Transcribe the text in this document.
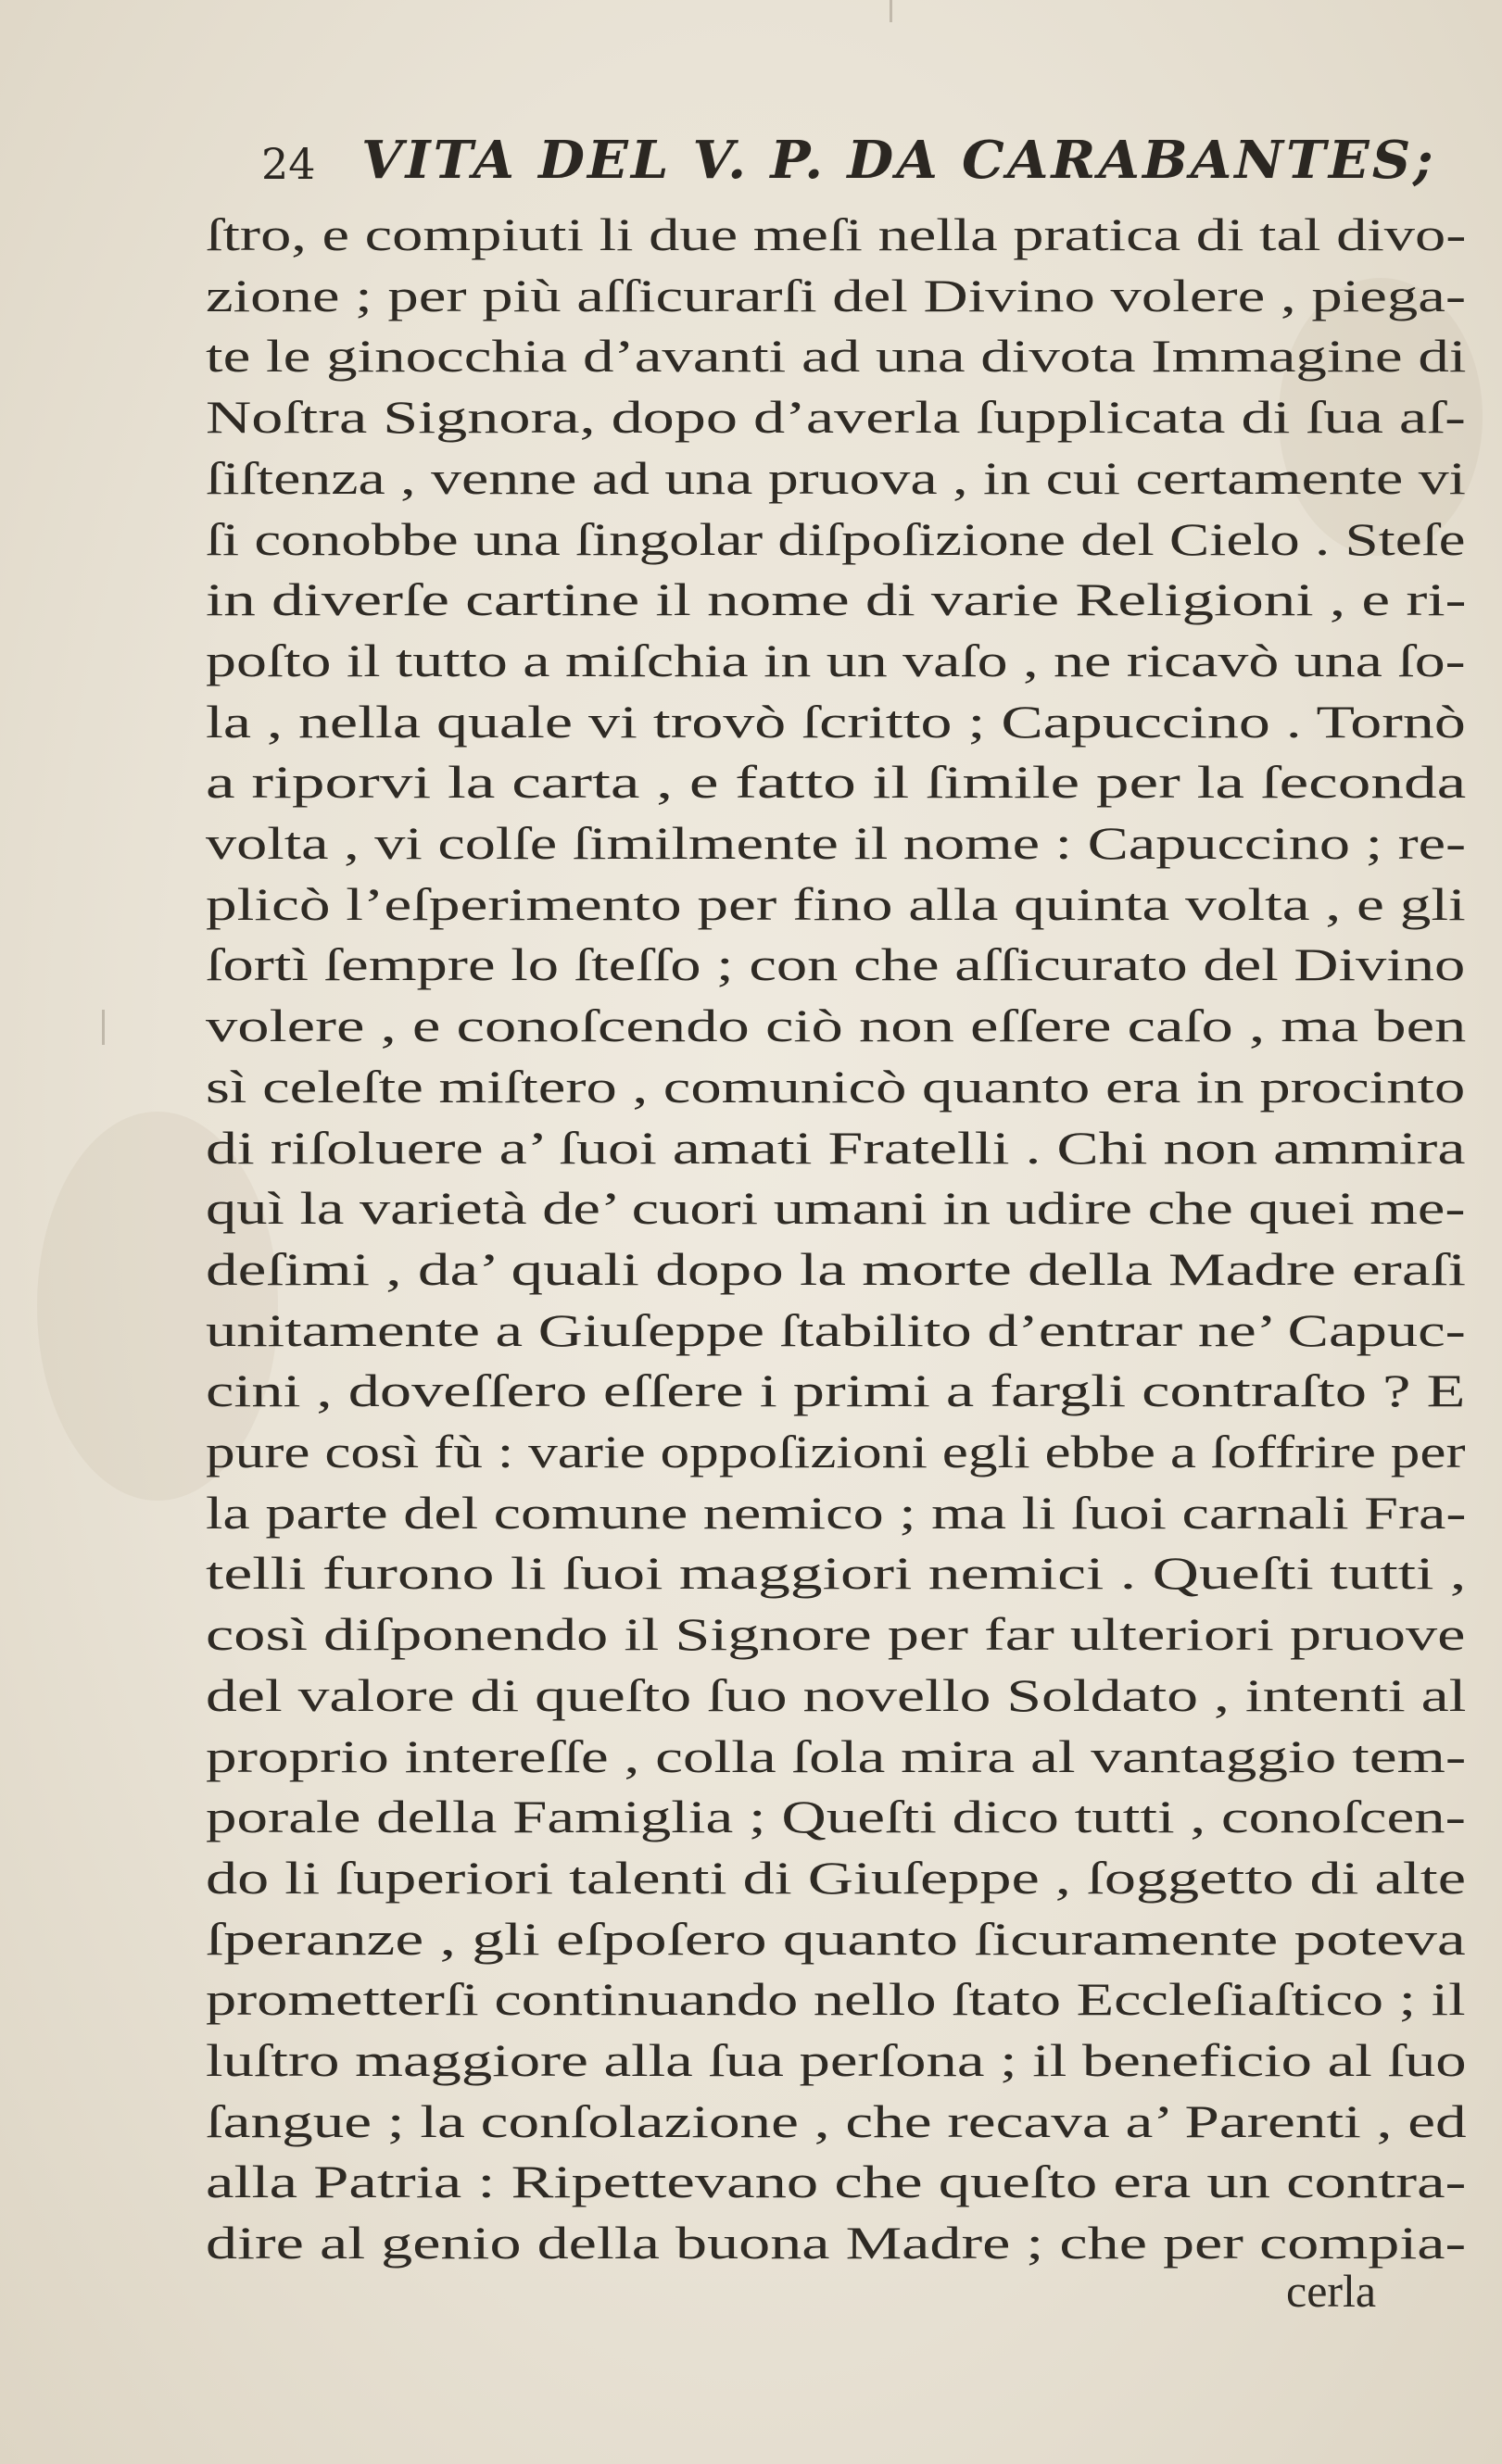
24 VITA DEL V. P. DA CARABANTES;
ſtro, e compiuti li due meſi nella pratica di tal divo-
zione ; per più aſſicurarſi del Divino volere , piega-
te le ginocchia d’avanti ad una divota Immagine di
Noſtra Signora, dopo d’averla ſupplicata di ſua aſ-
ſiſtenza , venne ad una pruova , in cui certamente vi
ſi conobbe una ſingolar diſpoſizione del Cielo . Steſe
in diverſe cartine il nome di varie Religioni , e ri-
poſto il tutto a miſchia in un vaſo , ne ricavò una ſo-
la , nella quale vi trovò ſcritto ; Capuccino . Tornò
a riporvi la carta , e fatto il ſimile per la ſeconda
volta , vi colſe ſimilmente il nome : Capuccino ; re-
plicò l’eſperimento per fino alla quinta volta , e gli
ſortì ſempre lo ſteſſo ; con che aſſicurato del Divino
volere , e conoſcendo ciò non eſſere caſo , ma ben
sì celeſte miſtero , comunicò quanto era in procinto
di riſoluere a’ ſuoi amati Fratelli . Chi non ammira
quì la varietà de’ cuori umani in udire che quei me-
deſimi , da’ quali dopo la morte della Madre eraſi
unitamente a Giuſeppe ſtabilito d’entrar ne’ Capuc-
cini , doveſſero eſſere i primi a fargli contraſto ? E
pure così fù : varie oppoſizioni egli ebbe a ſoffrire per
la parte del comune nemico ; ma li ſuoi carnali Fra-
telli furono li ſuoi maggiori nemici . Queſti tutti ,
così diſponendo il Signore per far ulteriori pruove
del valore di queſto ſuo novello Soldato , intenti al
proprio intereſſe , colla ſola mira al vantaggio tem-
porale della Famiglia ; Queſti dico tutti , conoſcen-
do li ſuperiori talenti di Giuſeppe , ſoggetto di alte
ſperanze , gli eſpoſero quanto ſicuramente poteva
prometterſi continuando nello ſtato Eccleſiaſtico ; il
luſtro maggiore alla ſua perſona ; il beneficio al ſuo
ſangue ; la conſolazione , che recava a’ Parenti , ed
alla Patria : Ripettevano che queſto era un contra-
dire al genio della buona Madre ; che per compia-
cerla
